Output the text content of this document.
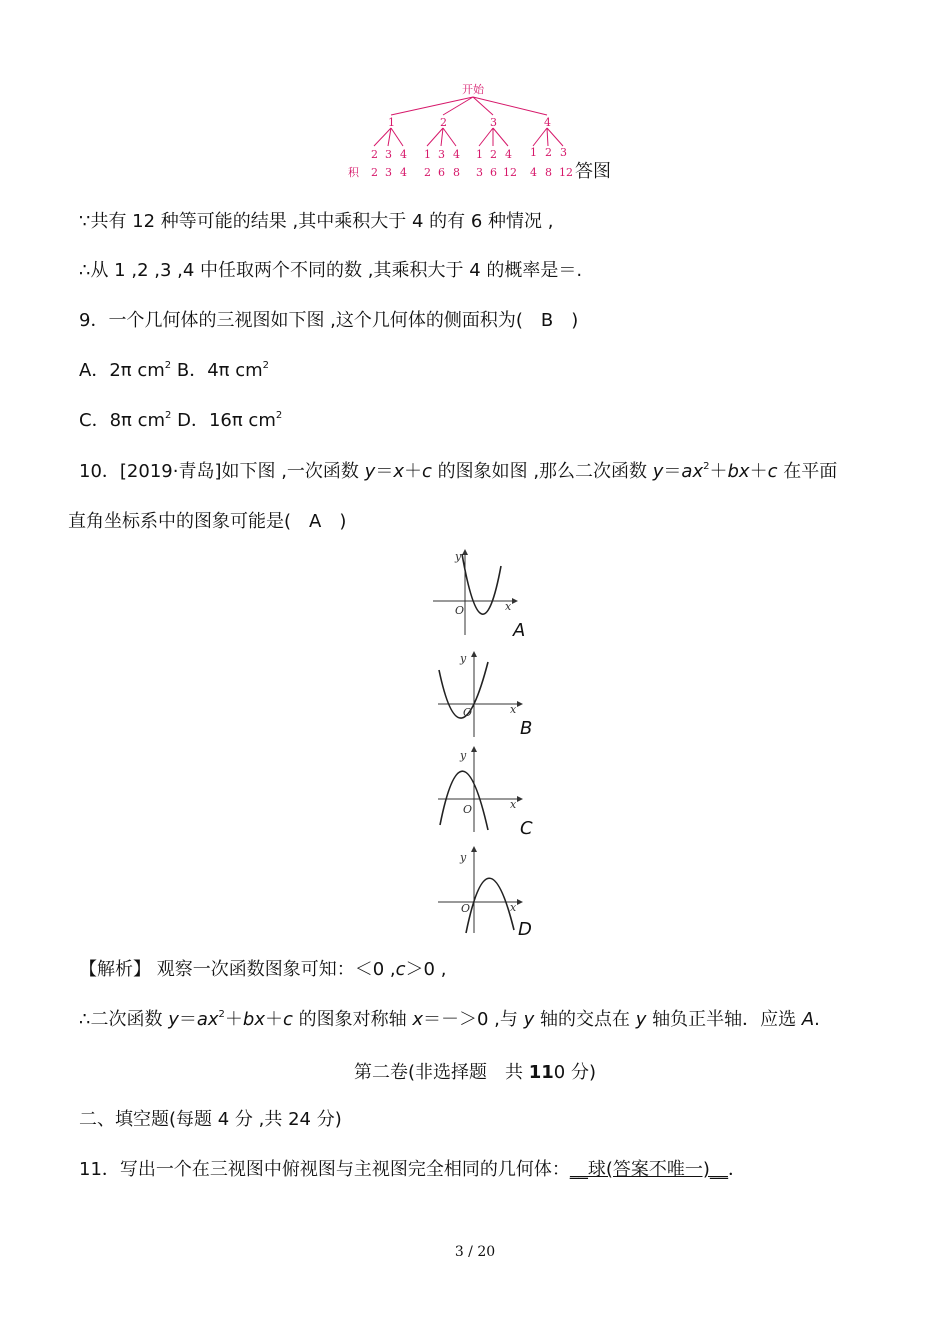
开始
1	2	3	4
2 3 4 1 3 4 1 2 4 1 2 3
积 2 3 4 2 6 8 3 6 12 4 8 12 答图
∵共有 12 种等可能的结果 ,其中乘积大于 4 的有 6 种情况 ,
∴从 1 ,2 ,3 ,4 中任取两个不同的数 ,其乘积大于 4 的概率是＝.
9．一个几何体的三视图如下图 ,这个几何体的侧面积为(　B　)
A．2π $cm^2$ B．4π $cm^2$
C．8π $cm^2$ D．16π $cm^2$
10．[2019·青岛]如下图 ,一次函数 y＝x＋c 的图象如图 ,那么二次函数 $y=ax^2+bx+c$ 在平面
直角坐标系中的图象可能是(　A　)
y
x
O
A
y
x
O
B
y
x
O
C
y
x
O
D
【解析】 观察一次函数图象可知：＜0 ,c＞0 ,
∴二次函数 $y=ax^2+bx+c$ 的图象对称轴 x＝－＞0 ,与 y 轴的交点在 y 轴负正半轴．应选 A.
第二卷(非选择题　共 110 分)
二、填空题(每题 4 分 ,共 24 分)
11．写出一个在三视图中俯视图与主视图完全相同的几何体：__球(答案不唯一)__．
3 / 20
